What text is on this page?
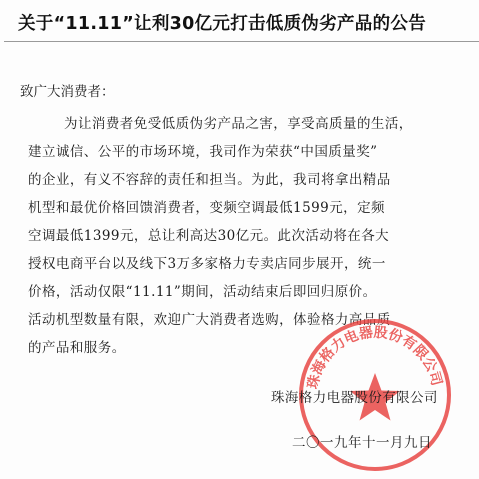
关于“11.11”让利30亿元打击低质伪劣产品的公告
致广大消费者：
为让消费者免受低质伪劣产品之害，享受高质量的生活，
建立诚信、公平的市场环境，我司作为荣获“中国质量奖”
的企业，有义不容辞的责任和担当。为此，我司将拿出精品
机型和最优价格回馈消费者，变频空调最低1599元，定频
空调最低1399元，总让利高达30亿元。此次活动将在各大
授权电商平台以及线下3万多家格力专卖店同步展开，统一
价格，活动仅限“11.11”期间，活动结束后即回归原价。
活动机型数量有限，欢迎广大消费者选购，体验格力高品质
的产品和服务。
珠海格力电器股份有限公司
珠海格力电器股份有限公司
二〇一九年十一月九日
